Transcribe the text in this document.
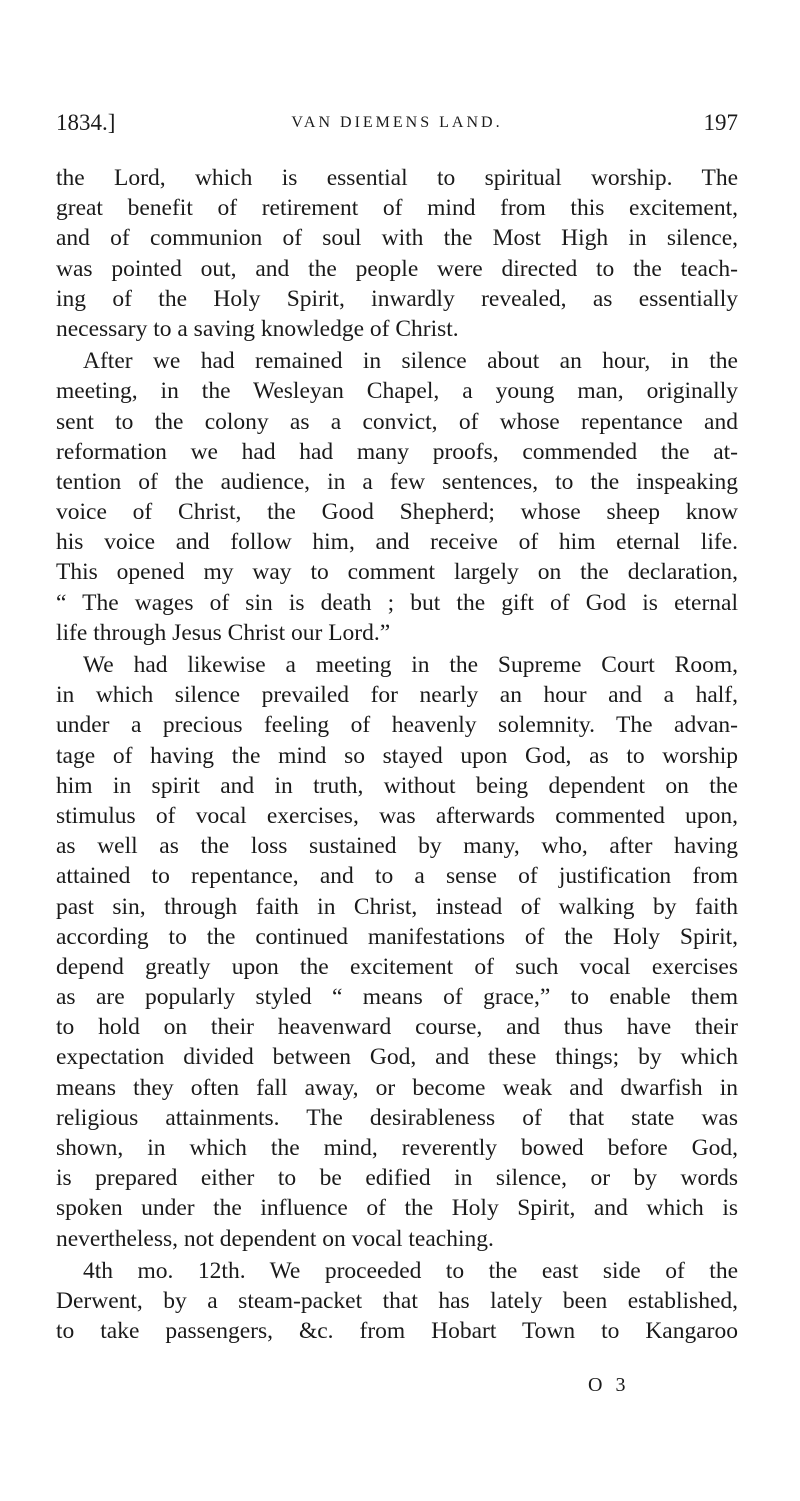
1834.]	VAN DIEMENS LAND.	197
the Lord, which is essential to spiritual worship. The
great benefit of retirement of mind from this excitement,
and of communion of soul with the Most High in silence,
was pointed out, and the people were directed to the teach-
ing of the Holy Spirit, inwardly revealed, as essentially
necessary to a saving knowledge of Christ.
After we had remained in silence about an hour, in the
meeting, in the Wesleyan Chapel, a young man, originally
sent to the colony as a convict, of whose repentance and
reformation we had had many proofs, commended the at-
tention of the audience, in a few sentences, to the inspeaking
voice of Christ, the Good Shepherd; whose sheep know
his voice and follow him, and receive of him eternal life.
This opened my way to comment largely on the declaration,
“ The wages of sin is death ; but the gift of God is eternal
life through Jesus Christ our Lord.”
We had likewise a meeting in the Supreme Court Room,
in which silence prevailed for nearly an hour and a half,
under a precious feeling of heavenly solemnity. The advan-
tage of having the mind so stayed upon God, as to worship
him in spirit and in truth, without being dependent on the
stimulus of vocal exercises, was afterwards commented upon,
as well as the loss sustained by many, who, after having
attained to repentance, and to a sense of justification from
past sin, through faith in Christ, instead of walking by faith
according to the continued manifestations of the Holy Spirit,
depend greatly upon the excitement of such vocal exercises
as are popularly styled “ means of grace,” to enable them
to hold on their heavenward course, and thus have their
expectation divided between God, and these things; by which
means they often fall away, or become weak and dwarfish in
religious attainments. The desirableness of that state was
shown, in which the mind, reverently bowed before God,
is prepared either to be edified in silence, or by words
spoken under the influence of the Holy Spirit, and which is
nevertheless, not dependent on vocal teaching.
4th mo. 12th. We proceeded to the east side of the
Derwent, by a steam-packet that has lately been established,
to take passengers, &c. from Hobart Town to Kangaroo
O 3
